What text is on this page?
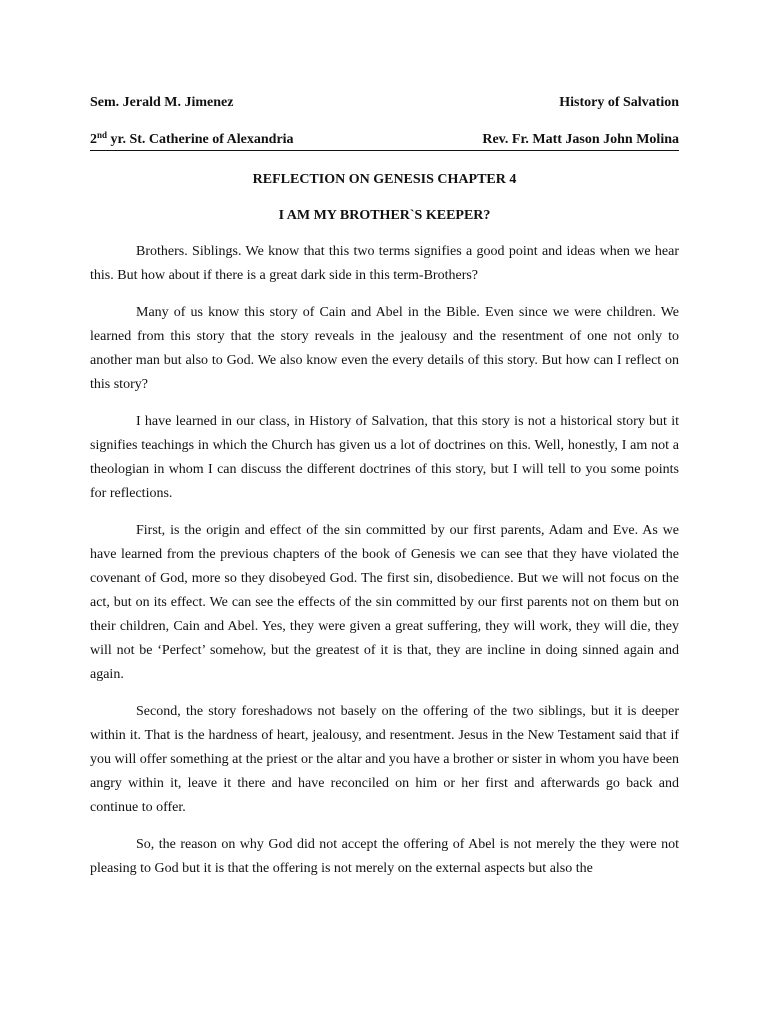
Sem. Jerald M. Jimenez	History of Salvation
2nd yr. St. Catherine of Alexandria	Rev. Fr. Matt Jason John Molina
REFLECTION ON GENESIS CHAPTER 4
I AM MY BROTHER`S KEEPER?

Brothers. Siblings. We know that this two terms signifies a good point and ideas when we hear this. But how about if there is a great dark side in this term-Brothers?

Many of us know this story of Cain and Abel in the Bible. Even since we were children. We learned from this story that the story reveals in the jealousy and the resentment of one not only to another man but also to God. We also know even the every details of this story. But how can I reflect on this story?

I have learned in our class, in History of Salvation, that this story is not a historical story but it signifies teachings in which the Church has given us a lot of doctrines on this. Well, honestly, I am not a theologian in whom I can discuss the different doctrines of this story, but I will tell to you some points for reflections.

First, is the origin and effect of the sin committed by our first parents, Adam and Eve. As we have learned from the previous chapters of the book of Genesis we can see that they have violated the covenant of God, more so they disobeyed God. The first sin, disobedience. But we will not focus on the act, but on its effect. We can see the effects of the sin committed by our first parents not on them but on their children, Cain and Abel. Yes, they were given a great suffering, they will work, they will die, they will not be ‘Perfect’ somehow, but the greatest of it is that, they are incline in doing sinned again and again.

Second, the story foreshadows not basely on the offering of the two siblings, but it is deeper within it. That is the hardness of heart, jealousy, and resentment. Jesus in the New Testament said that if you will offer something at the priest or the altar and you have a brother or sister in whom you have been angry within it, leave it there and have reconciled on him or her first and afterwards go back and continue to offer.

So, the reason on why God did not accept the offering of Abel is not merely the they were not pleasing to God but it is that the offering is not merely on the external aspects but also the
